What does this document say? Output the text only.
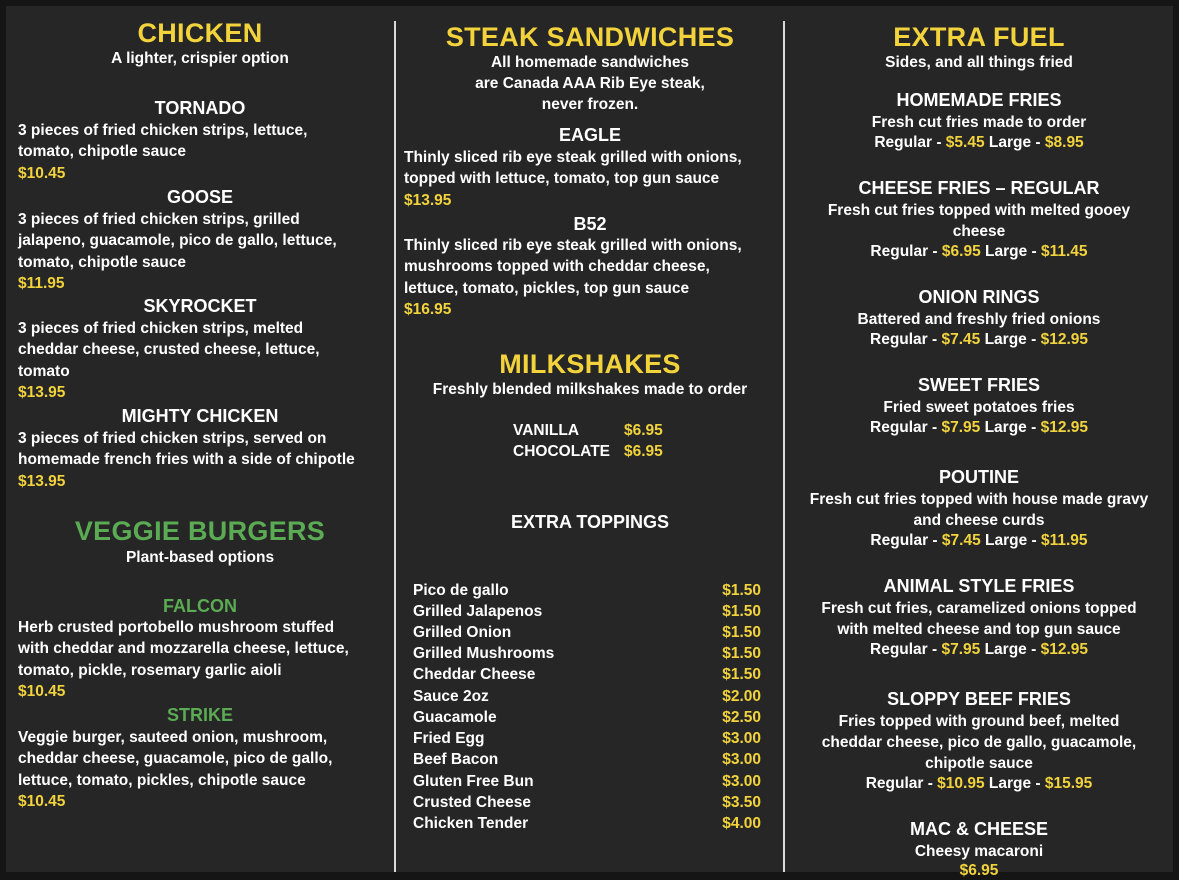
CHICKEN
A lighter, crispier option
TORNADO
3 pieces of fried chicken strips, lettuce,
tomato, chipotle sauce
$10.45
GOOSE
3 pieces of fried chicken strips, grilled
jalapeno, guacamole, pico de gallo, lettuce,
tomato, chipotle sauce
$11.95
SKYROCKET
3 pieces of fried chicken strips, melted
cheddar cheese, crusted cheese, lettuce,
tomato
$13.95
MIGHTY CHICKEN
3 pieces of fried chicken strips, served on
homemade french fries with a side of chipotle
$13.95
VEGGIE BURGERS
Plant-based options
FALCON
Herb crusted portobello mushroom stuffed
with cheddar and mozzarella cheese, lettuce,
tomato, pickle, rosemary garlic aioli
$10.45
STRIKE
Veggie burger, sauteed onion, mushroom,
cheddar cheese, guacamole, pico de gallo,
lettuce, tomato, pickles, chipotle sauce
$10.45
STEAK SANDWICHES
All homemade sandwiches
are Canada AAA Rib Eye steak,
never frozen.
EAGLE
Thinly sliced rib eye steak grilled with onions,
topped with lettuce, tomato, top gun sauce
$13.95
B52
Thinly sliced rib eye steak grilled with onions,
mushrooms topped with cheddar cheese,
lettuce, tomato, pickles, top gun sauce
$16.95
MILKSHAKES
Freshly blended milkshakes made to order
VANILLA	$6.95
CHOCOLATE $6.95
EXTRA TOPPINGS
Pico de gallo	$1.50
Grilled Jalapenos	$1.50
Grilled Onion	$1.50
Grilled Mushrooms	$1.50
Cheddar Cheese	$1.50
Sauce 2oz	$2.00
Guacamole	$2.50
Fried Egg	$3.00
Beef Bacon	$3.00
Gluten Free Bun	$3.00
Crusted Cheese	$3.50
Chicken Tender	$4.00
EXTRA FUEL
Sides, and all things fried
HOMEMADE FRIES
Fresh cut fries made to order
Regular - $5.45 Large - $8.95
CHEESE FRIES – REGULAR
Fresh cut fries topped with melted gooey
cheese
Regular - $6.95 Large - $11.45
ONION RINGS
Battered and freshly fried onions
Regular - $7.45 Large - $12.95
SWEET FRIES
Fried sweet potatoes fries
Regular - $7.95 Large - $12.95
POUTINE
Fresh cut fries topped with house made gravy
and cheese curds
Regular - $7.45 Large - $11.95
ANIMAL STYLE FRIES
Fresh cut fries, caramelized onions topped
with melted cheese and top gun sauce
Regular - $7.95 Large - $12.95
SLOPPY BEEF FRIES
Fries topped with ground beef, melted
cheddar cheese, pico de gallo, guacamole,
chipotle sauce
Regular - $10.95 Large - $15.95
MAC & CHEESE
Cheesy macaroni
$6.95
